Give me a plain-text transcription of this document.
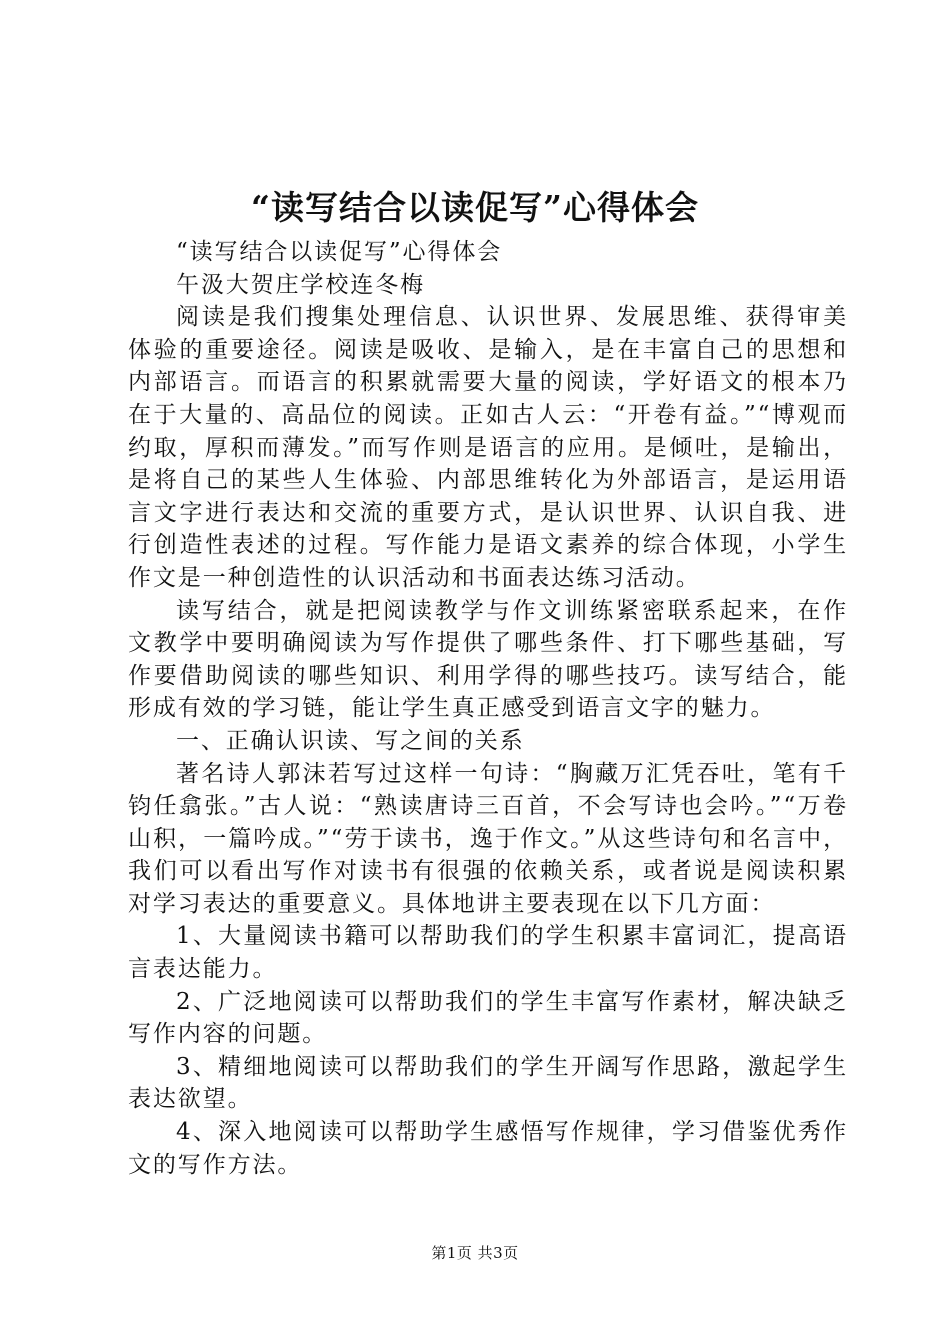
“读写结合以读促写”心得体会

“读写结合以读促写”心得体会

午汲大贺庄学校连冬梅

阅读是我们搜集处理信息、认识世界、发展思维、获得审美体验的重要途径。阅读是吸收、是输入，是在丰富自己的思想和内部语言。而语言的积累就需要大量的阅读，学好语文的根本乃在于大量的、高品位的阅读。正如古人云：“开卷有益。”“博观而约取，厚积而薄发。”而写作则是语言的应用。是倾吐，是输出，是将自己的某些人生体验、内部思维转化为外部语言，是运用语言文字进行表达和交流的重要方式，是认识世界、认识自我、进行创造性表述的过程。写作能力是语文素养的综合体现，小学生作文是一种创造性的认识活动和书面表达练习活动。

读写结合，就是把阅读教学与作文训练紧密联系起来，在作文教学中要明确阅读为写作提供了哪些条件、打下哪些基础，写作要借助阅读的哪些知识、利用学得的哪些技巧。读写结合，能形成有效的学习链，能让学生真正感受到语言文字的魅力。

一、正确认识读、写之间的关系

著名诗人郭沫若写过这样一句诗：“胸藏万汇凭吞吐，笔有千钧任翕张。”古人说：“熟读唐诗三百首，不会写诗也会吟。”“万卷山积，一篇吟成。”“劳于读书，逸于作文。”从这些诗句和名言中，我们可以看出写作对读书有很强的依赖关系，或者说是阅读积累对学习表达的重要意义。具体地讲主要表现在以下几方面：

1、大量阅读书籍可以帮助我们的学生积累丰富词汇，提高语言表达能力。

2、广泛地阅读可以帮助我们的学生丰富写作素材，解决缺乏写作内容的问题。

3、精细地阅读可以帮助我们的学生开阔写作思路，激起学生表达欲望。

4、深入地阅读可以帮助学生感悟写作规律，学习借鉴优秀作文的写作方法。

第1页 共3页
